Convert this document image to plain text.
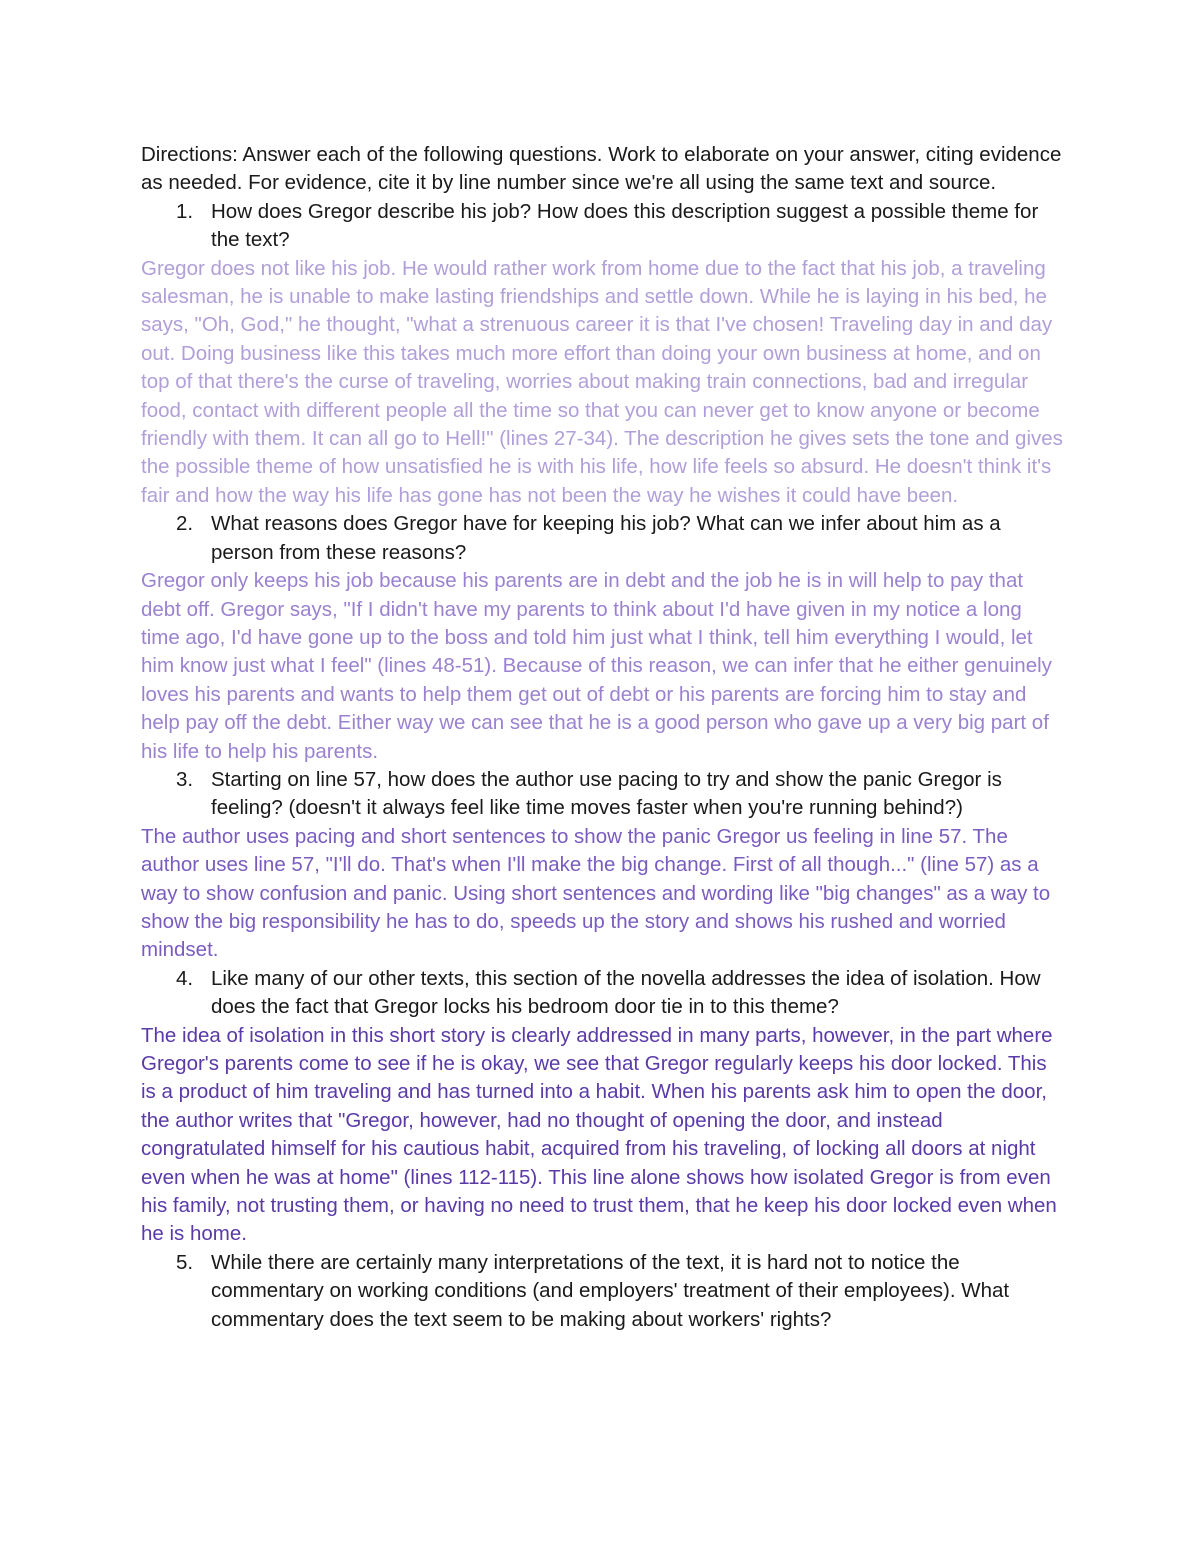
Directions: Answer each of the following questions. Work to elaborate on your answer, citing evidence as needed. For evidence, cite it by line number since we're all using the same text and source.

1. How does Gregor describe his job? How does this description suggest a possible theme for the text?

Gregor does not like his job. He would rather work from home due to the fact that his job, a traveling salesman, he is unable to make lasting friendships and settle down. While he is laying in his bed, he says, "Oh, God," he thought, "what a strenuous career it is that I've chosen! Traveling day in and day out. Doing business like this takes much more effort than doing your own business at home, and on top of that there's the curse of traveling, worries about making train connections, bad and irregular food, contact with different people all the time so that you can never get to know anyone or become friendly with them. It can all go to Hell!" (lines 27-34). The description he gives sets the tone and gives the possible theme of how unsatisfied he is with his life, how life feels so absurd. He doesn't think it's fair and how the way his life has gone has not been the way he wishes it could have been.

2. What reasons does Gregor have for keeping his job? What can we infer about him as a person from these reasons?

Gregor only keeps his job because his parents are in debt and the job he is in will help to pay that debt off. Gregor says, "If I didn't have my parents to think about I'd have given in my notice a long time ago, I'd have gone up to the boss and told him just what I think, tell him everything I would, let him know just what I feel" (lines 48-51). Because of this reason, we can infer that he either genuinely loves his parents and wants to help them get out of debt or his parents are forcing him to stay and help pay off the debt. Either way we can see that he is a good person who gave up a very big part of his life to help his parents.

3. Starting on line 57, how does the author use pacing to try and show the panic Gregor is feeling? (doesn't it always feel like time moves faster when you're running behind?)

The author uses pacing and short sentences to show the panic Gregor us feeling in line 57. The author uses line 57, "I'll do. That's when I'll make the big change. First of all though..." (line 57) as a way to show confusion and panic. Using short sentences and wording like "big changes" as a way to show the big responsibility he has to do, speeds up the story and shows his rushed and worried mindset.

4. Like many of our other texts, this section of the novella addresses the idea of isolation. How does the fact that Gregor locks his bedroom door tie in to this theme?

The idea of isolation in this short story is clearly addressed in many parts, however, in the part where Gregor's parents come to see if he is okay, we see that Gregor regularly keeps his door locked. This is a product of him traveling and has turned into a habit. When his parents ask him to open the door, the author writes that "Gregor, however, had no thought of opening the door, and instead congratulated himself for his cautious habit, acquired from his traveling, of locking all doors at night even when he was at home" (lines 112-115). This line alone shows how isolated Gregor is from even his family, not trusting them, or having no need to trust them, that he keep his door locked even when he is home.

5. While there are certainly many interpretations of the text, it is hard not to notice the commentary on working conditions (and employers' treatment of their employees). What commentary does the text seem to be making about workers' rights?
